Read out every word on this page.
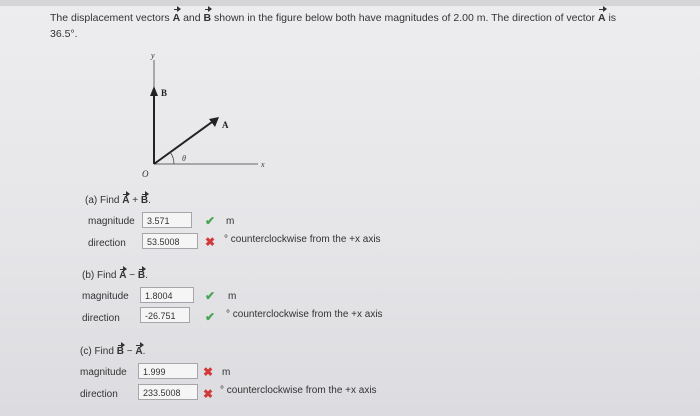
The displacement vectors A and B shown in the figure below both have magnitudes of 2.00 m. The direction of vector A is
36.5°.
y
x
O
B
A
θ
(a) Find A + B.
magnitude	3.571	✔ m
direction	53.5008	✖ ° counterclockwise from the +x axis
(b) Find A − B.
magnitude	1.8004	✔ m
direction	-26.751	✔ ° counterclockwise from the +x axis
(c) Find B − A.
magnitude	1.999	✖ m
direction	233.5008	✖ ° counterclockwise from the +x axis
